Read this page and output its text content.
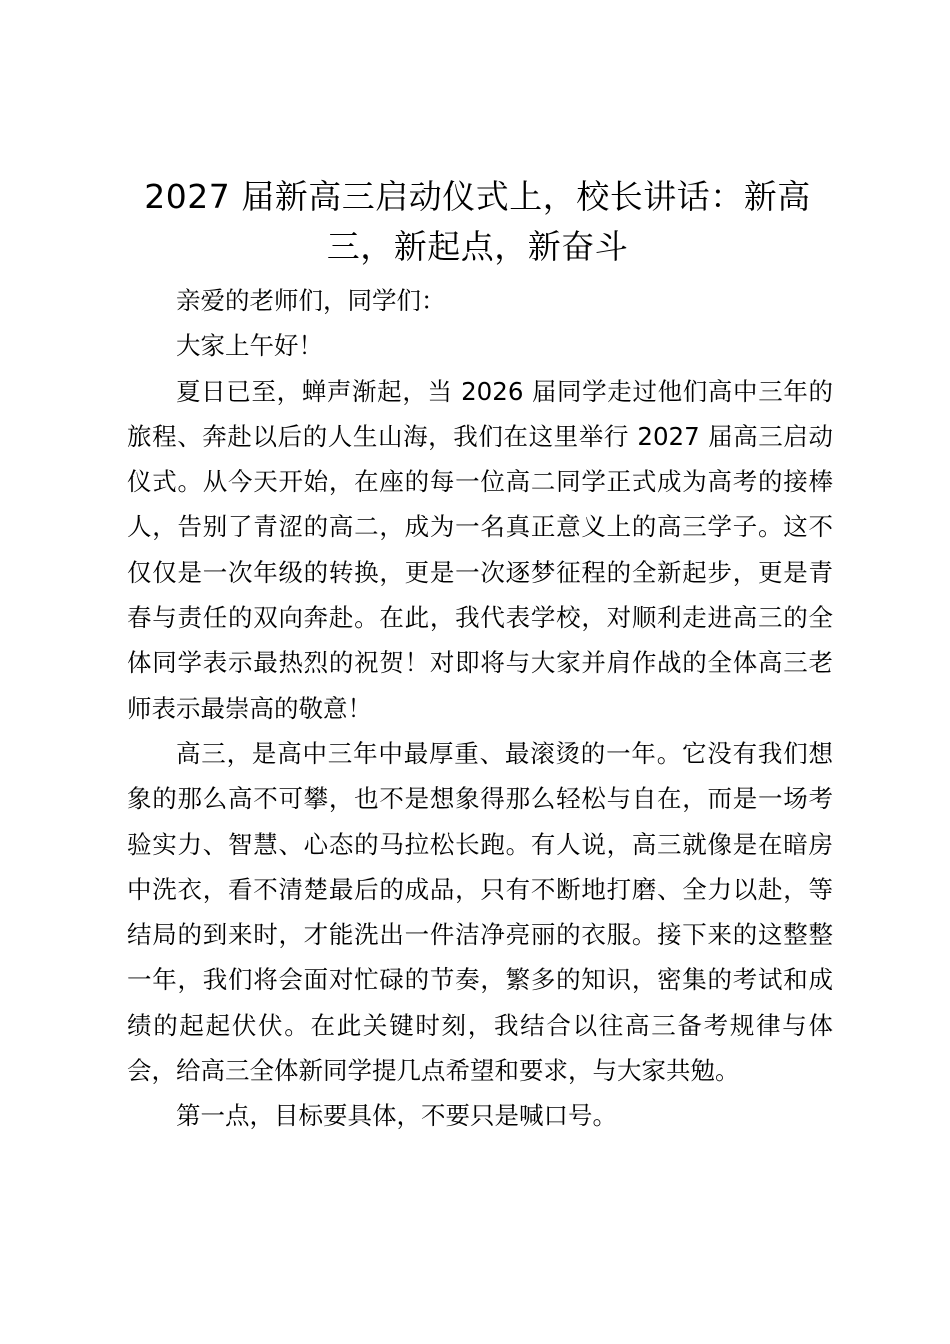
2027 届新高三启动仪式上，校长讲话：新高三，新起点，新奋斗

亲爱的老师们，同学们：

大家上午好！

夏日已至，蝉声渐起，当 2026 届同学走过他们高中三年的旅程、奔赴以后的人生山海，我们在这里举行 2027 届高三启动仪式。从今天开始，在座的每一位高二同学正式成为高考的接棒人，告别了青涩的高二，成为一名真正意义上的高三学子。这不仅仅是一次年级的转换，更是一次逐梦征程的全新起步，更是青春与责任的双向奔赴。在此，我代表学校，对顺利走进高三的全体同学表示最热烈的祝贺！对即将与大家并肩作战的全体高三老师表示最崇高的敬意！

高三，是高中三年中最厚重、最滚烫的一年。它没有我们想象的那么高不可攀，也不是想象得那么轻松与自在，而是一场考验实力、智慧、心态的马拉松长跑。有人说，高三就像是在暗房中洗衣，看不清楚最后的成品，只有不断地打磨、全力以赴，等结局的到来时，才能洗出一件洁净亮丽的衣服。接下来的这整整一年，我们将会面对忙碌的节奏，繁多的知识，密集的考试和成绩的起起伏伏。在此关键时刻，我结合以往高三备考规律与体会，给高三全体新同学提几点希望和要求，与大家共勉。

第一点，目标要具体，不要只是喊口号。
